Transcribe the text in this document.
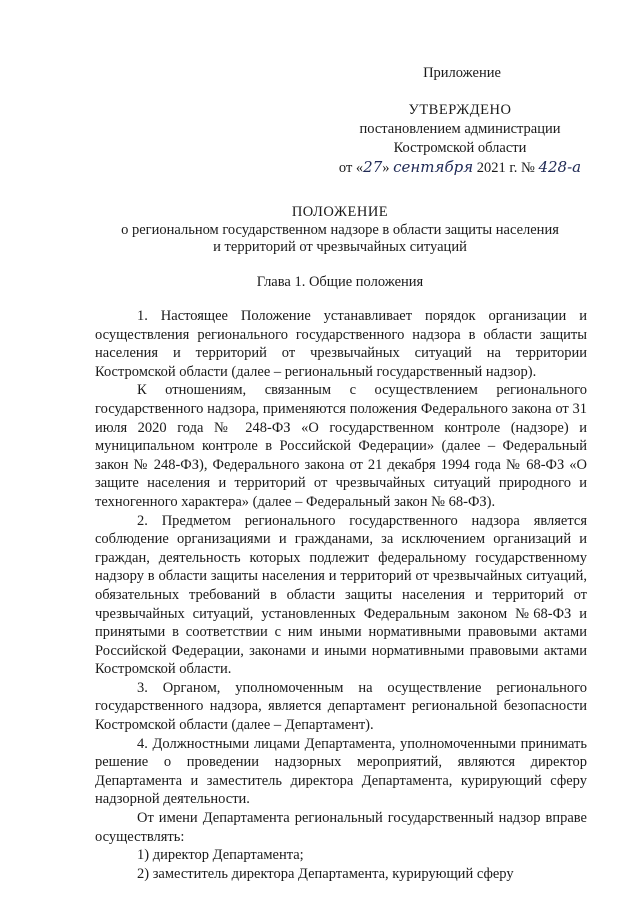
Приложение
УТВЕРЖДЕНО
постановлением администрации
Костромской области
от «27» сентября 2021 г. № 428-а
ПОЛОЖЕНИЕ
о региональном государственном надзоре в области защиты населения
и территорий от чрезвычайных ситуаций
Глава 1. Общие положения

1. Настоящее Положение устанавливает порядок организации и осуществления регионального государственного надзора в области защиты населения и территорий от чрезвычайных ситуаций на территории Костромской области (далее – региональный государственный надзор).

К отношениям, связанным с осуществлением регионального государственного надзора, применяются положения Федерального закона от 31 июля 2020 года № 248-ФЗ «О государственном контроле (надзоре) и муниципальном контроле в Российской Федерации» (далее – Федеральный закон № 248-ФЗ), Федерального закона от 21 декабря 1994 года № 68-ФЗ «О защите населения и территорий от чрезвычайных ситуаций природного и техногенного характера» (далее – Федеральный закон № 68-ФЗ).

2. Предметом регионального государственного надзора является соблюдение организациями и гражданами, за исключением организаций и граждан, деятельность которых подлежит федеральному государственному надзору в области защиты населения и территорий от чрезвычайных ситуаций, обязательных требований в области защиты населения и территорий от чрезвычайных ситуаций, установленных Федеральным законом №68-ФЗ и принятыми в соответствии с ним иными нормативными правовыми актами Российской Федерации, законами и иными нормативными правовыми актами Костромской области.

3. Органом, уполномоченным на осуществление регионального государственного надзора, является департамент региональной безопасности Костромской области (далее – Департамент).

4. Должностными лицами Департамента, уполномоченными принимать решение о проведении надзорных мероприятий, являются директор Департамента и заместитель директора Департамента, курирующий сферу надзорной деятельности.

От имени Департамента региональный государственный надзор вправе осуществлять:

1) директор Департамента;

2) заместитель директора Департамента, курирующий сферу
